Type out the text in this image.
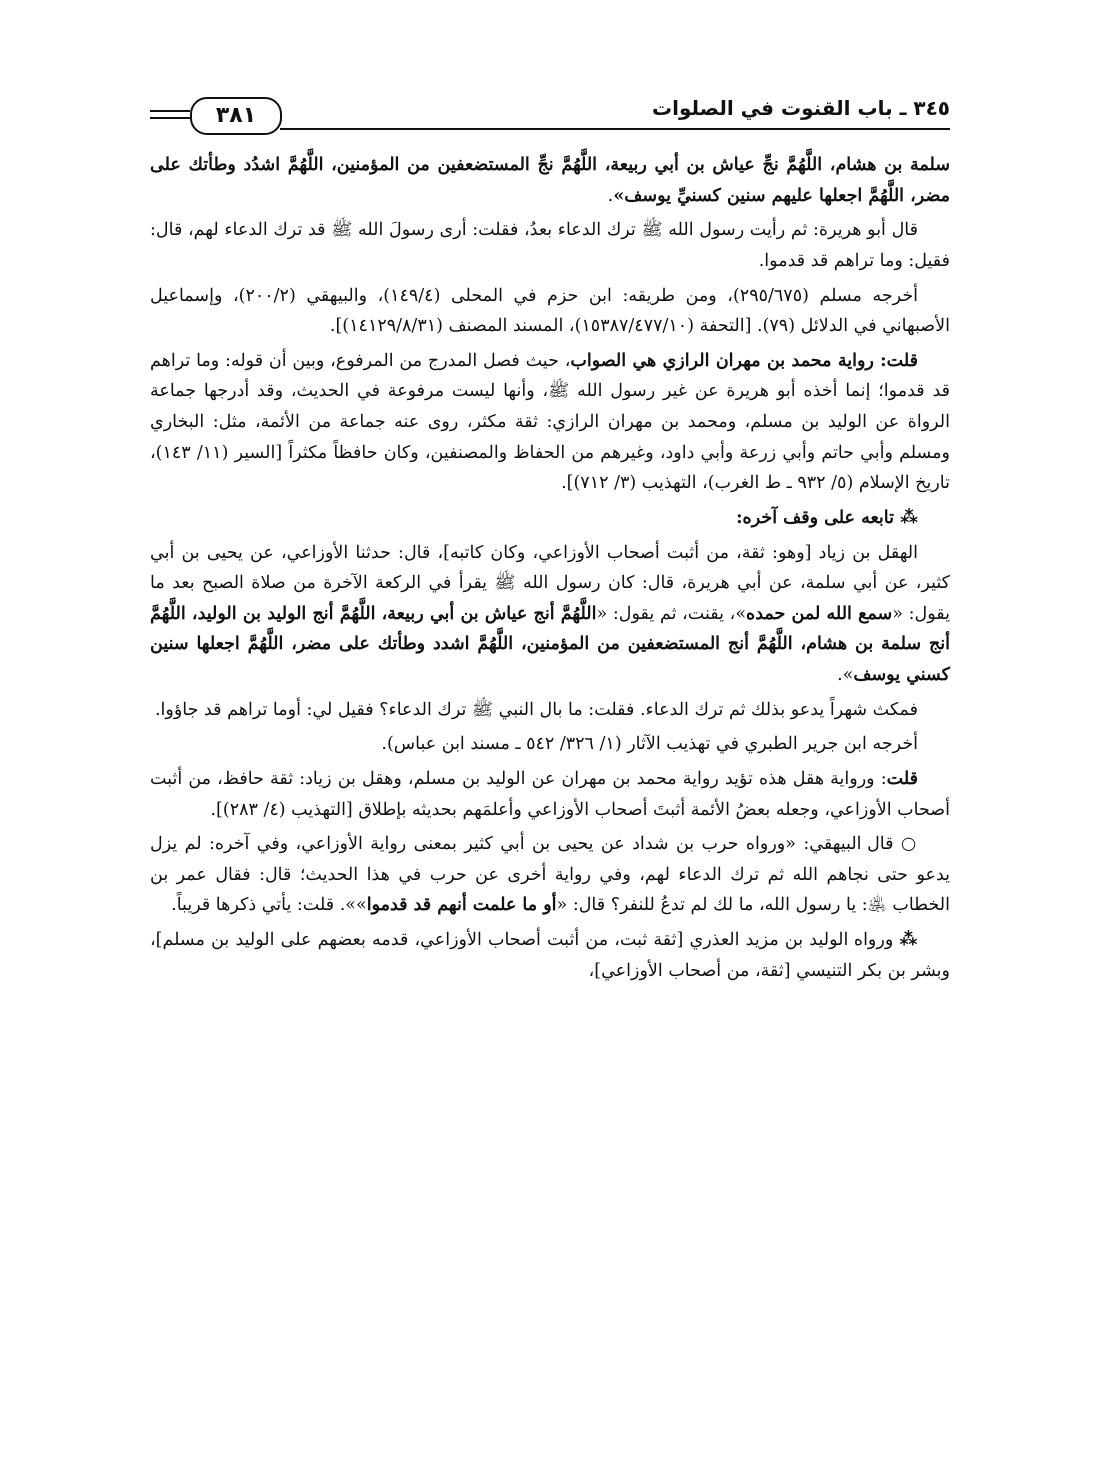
٣٤٥ ـ باب القنوت في الصلوات
٣٨١

سلمة بن هشام، اللَّهُمَّ نجِّ عياش بن أبي ربيعة، اللَّهُمَّ نجِّ المستضعفين من المؤمنين، اللَّهُمَّ اشدُد وطأتك على مضر، اللَّهُمَّ اجعلها عليهم سنين كسنيِّ يوسف».

قال أبو هريرة: ثم رأيت رسول الله ﷺ ترك الدعاء بعدُ، فقلت: أرى رسولَ الله ﷺ قد ترك الدعاء لهم، قال: فقيل: وما تراهم قد قدموا.

أخرجه مسلم (٢٩٥/٦٧٥)، ومن طريقه: ابن حزم في المحلى (١٤٩/٤)، والبيهقي (٢٠٠/٢)، وإسماعيل الأصبهاني في الدلائل (٧٩). [التحفة (١٥٣٨٧/٤٧٧/١٠)، المسند المصنف (١٤١٢٩/٨/٣١)].

قلت: رواية محمد بن مهران الرازي هي الصواب، حيث فصل المدرج من المرفوع، وبين أن قوله: وما تراهم قد قدموا؛ إنما أخذه أبو هريرة عن غير رسول الله ﷺ، وأنها ليست مرفوعة في الحديث، وقد أدرجها جماعة الرواة عن الوليد بن مسلم، ومحمد بن مهران الرازي: ثقة مكثر، روى عنه جماعة من الأئمة، مثل: البخاري ومسلم وأبي حاتم وأبي زرعة وأبي داود، وغيرهم من الحفاظ والمصنفين، وكان حافظاً مكثراً [السير (١١/ ١٤٣)، تاريخ الإسلام (٥/ ٩٣٢ ـ ط الغرب)، التهذيب (٣/ ٧١٢)].

⁂ تابعه على وقف آخره:

الهقل بن زياد [وهو: ثقة، من أثبت أصحاب الأوزاعي، وكان كاتبه]، قال: حدثنا الأوزاعي، عن يحيى بن أبي كثير، عن أبي سلمة، عن أبي هريرة، قال: كان رسول الله ﷺ يقرأ في الركعة الآخرة من صلاة الصبح بعد ما يقول: «سمع الله لمن حمده»، يقنت، ثم يقول: «اللَّهُمَّ أنج عياش بن أبي ربيعة، اللَّهُمَّ أنج الوليد بن الوليد، اللَّهُمَّ أنج سلمة بن هشام، اللَّهُمَّ أنج المستضعفين من المؤمنين، اللَّهُمَّ اشدد وطأتك على مضر، اللَّهُمَّ اجعلها سنين كسني يوسف».

فمكث شهراً يدعو بذلك ثم ترك الدعاء. فقلت: ما بال النبي ﷺ ترك الدعاء؟ فقيل لي: أوما تراهم قد جاؤوا.

أخرجه ابن جرير الطبري في تهذيب الآثار (١/ ٣٢٦/ ٥٤٢ ـ مسند ابن عباس).

قلت: ورواية هقل هذه تؤيد رواية محمد بن مهران عن الوليد بن مسلم، وهقل بن زياد: ثقة حافظ، من أثبت أصحاب الأوزاعي، وجعله بعضُ الأئمة أثبتَ أصحاب الأوزاعي وأعلمَهم بحديثه بإطلاق [التهذيب (٤/ ٢٨٣)].

○ قال البيهقي: «ورواه حرب بن شداد عن يحيى بن أبي كثير بمعنى رواية الأوزاعي، وفي آخره: لم يزل يدعو حتى نجاهم الله ثم ترك الدعاء لهم، وفي رواية أخرى عن حرب في هذا الحديث؛ قال: فقال عمر بن الخطاب ﵁: يا رسول الله، ما لك لم تدعُ للنفر؟ قال: «أو ما علمت أنهم قد قدموا»». قلت: يأتي ذكرها قريباً.

⁂ ورواه الوليد بن مزيد العذري [ثقة ثبت، من أثبت أصحاب الأوزاعي، قدمه بعضهم على الوليد بن مسلم]، وبشر بن بكر التنيسي [ثقة، من أصحاب الأوزاعي]،
